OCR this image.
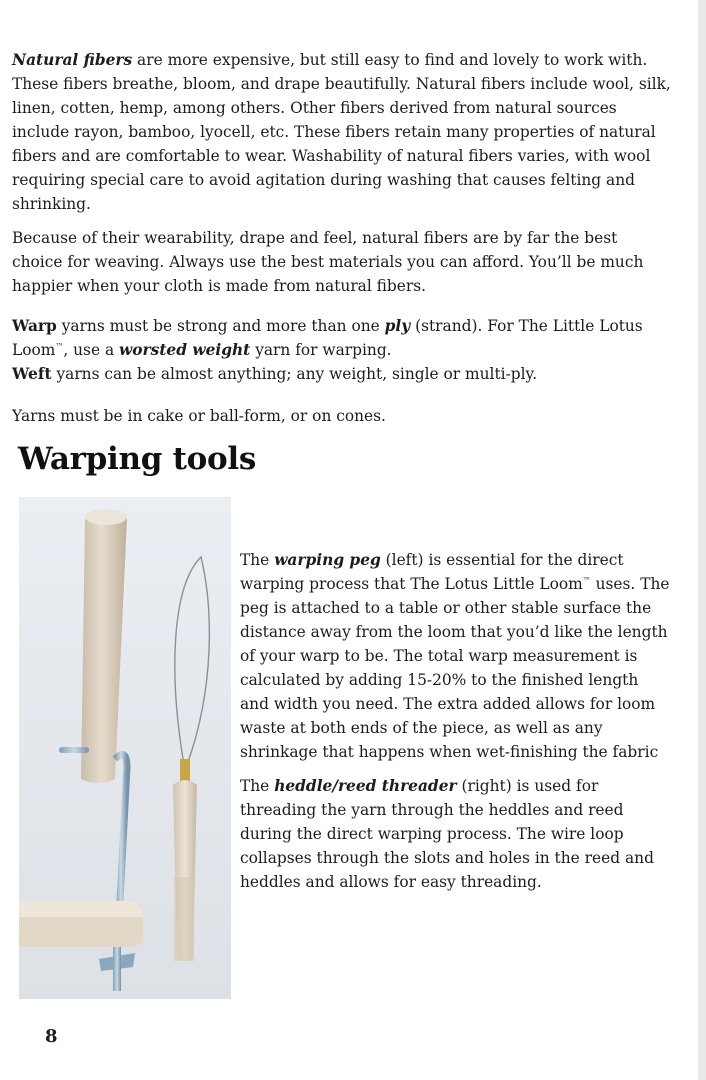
Natural fibers are more expensive, but still easy to find and lovely to work with. These fibers breathe, bloom, and drape beautifully. Natural fibers include wool, silk, linen, cotten, hemp, among others. Other fibers derived from natural sources include rayon, bamboo, lyocell, etc. These fibers retain many properties of natural fibers and are comfortable to wear. Washability of natural fibers varies, with wool requiring special care to avoid agitation during washing that causes felting and shrinking.

Because of their wearability, drape and feel, natural fibers are by far the best choice for weaving. Always use the best materials you can afford. You’ll be much happier when your cloth is made from natural fibers.

Warp yarns must be strong and more than one ply (strand). For The Little Lotus Loom™, use a worsted weight yarn for warping.

Weft yarns can be almost anything; any weight, single or multi-ply.

Yarns must be in cake or ball-form, or on cones.

Warping tools

The warping peg (left) is essential for the direct warping process that The Lotus Little Loom™ uses. The peg is attached to a table or other stable surface the distance away from the loom that you’d like the length of your warp to be. The total warp measurement is calculated by adding 15-20% to the finished length and width you need. The extra added allows for loom waste at both ends of the piece, as well as any shrinkage that happens when wet-finishing the fabric

The heddle/reed threader (right) is used for threading the yarn through the heddles and reed during the direct warping process. The wire loop collapses through the slots and holes in the reed and heddles and allows for easy threading.

8
